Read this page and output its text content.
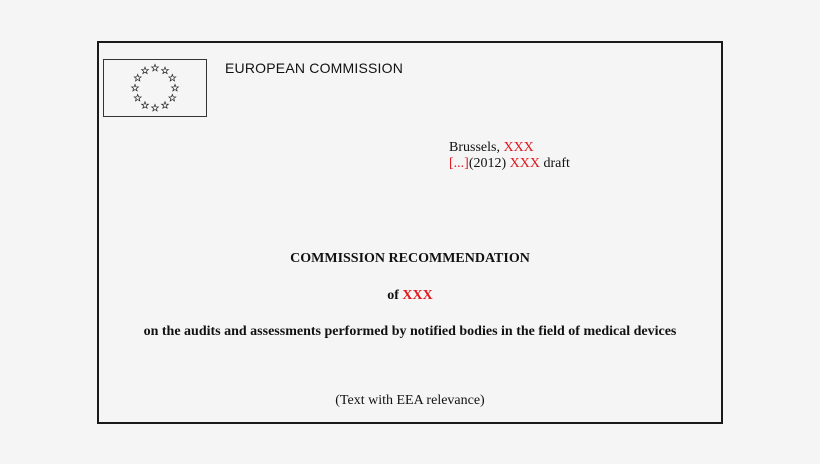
EUROPEAN COMMISSION
Brussels, XXX
[...](2012) XXX draft
COMMISSION RECOMMENDATION
of XXX
on the audits and assessments performed by notified bodies in the field of medical devices
(Text with EEA relevance)
